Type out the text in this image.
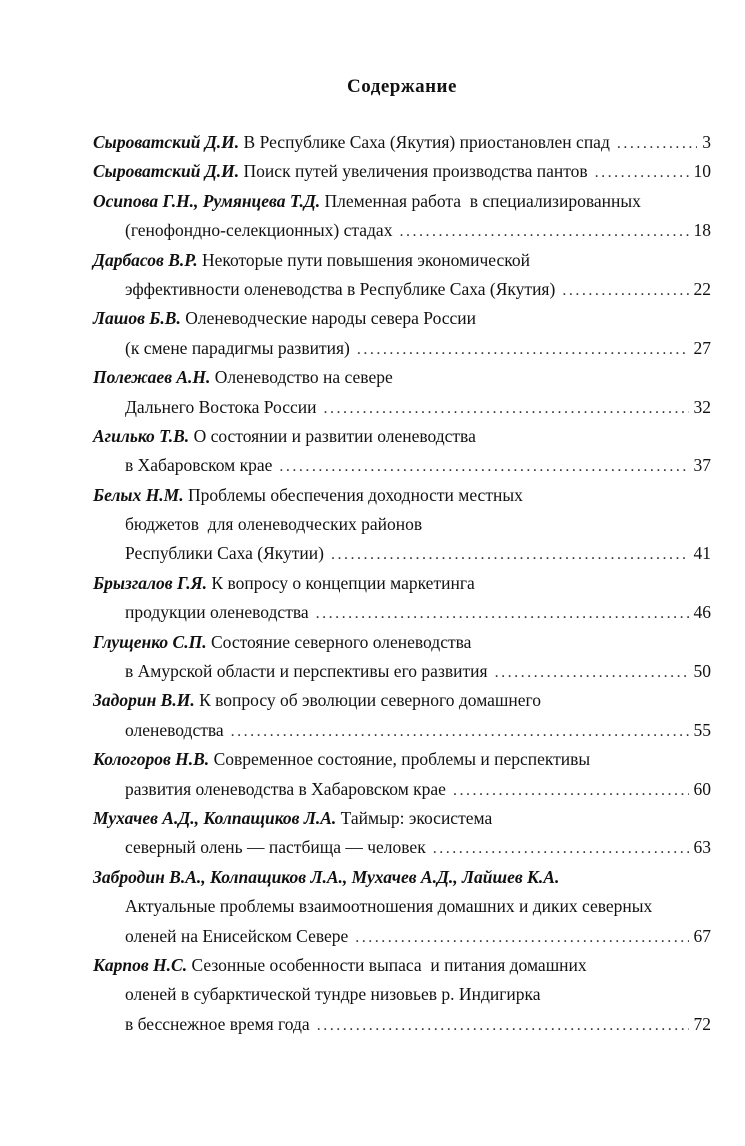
Содержание
Сыроватский Д.И. В Республике Саха (Якутия) приостановлен спад .....	3
Сыроватский Д.И. Поиск путей увеличения производства пантов .....	10
Осипова Г.Н., Румянцева Т.Д. Племенная работа  в специализированных
(генофондно-селекционных) стадах .....	18
Дарбасов В.Р. Некоторые пути повышения экономической
эффективности оленеводства в Республике Саха (Якутия) .....	22
Лашов Б.В. Оленеводческие народы севера России
(к смене парадигмы развития) .....	27
Полежаев А.Н. Оленеводство на севере
Дальнего Востока России .....	32
Агилько Т.В. О состоянии и развитии оленеводства
в Хабаровском крае .....	37
Белых Н.М. Проблемы обеспечения доходности местных
бюджетов  для оленеводческих районов
Республики Саха (Якутии) .....	41
Брызгалов Г.Я. К вопросу о концепции маркетинга
продукции оленеводства .....	46
Глущенко С.П. Состояние северного оленеводства
в Амурской области и перспективы его развития .....	50
Задорин В.И. К вопросу об эволюции северного домашнего
оленеводства .....	55
Кологоров Н.В. Современное состояние, проблемы и перспективы
развития оленеводства в Хабаровском крае .....	60
Мухачев А.Д., Колпащиков Л.А. Таймыр: экосистема
северный олень — пастбища — человек .....	63
Забродин В.А., Колпащиков Л.А., Мухачев А.Д., Лайшев К.А.
Актуальные проблемы взаимоотношения домашних и диких северных
оленей на Енисейском Севере .....	67
Карпов Н.С. Сезонные особенности выпаса  и питания домашних
оленей в субарктической тундре низовьев р. Индигирка
в бесснежное время года .....	72
